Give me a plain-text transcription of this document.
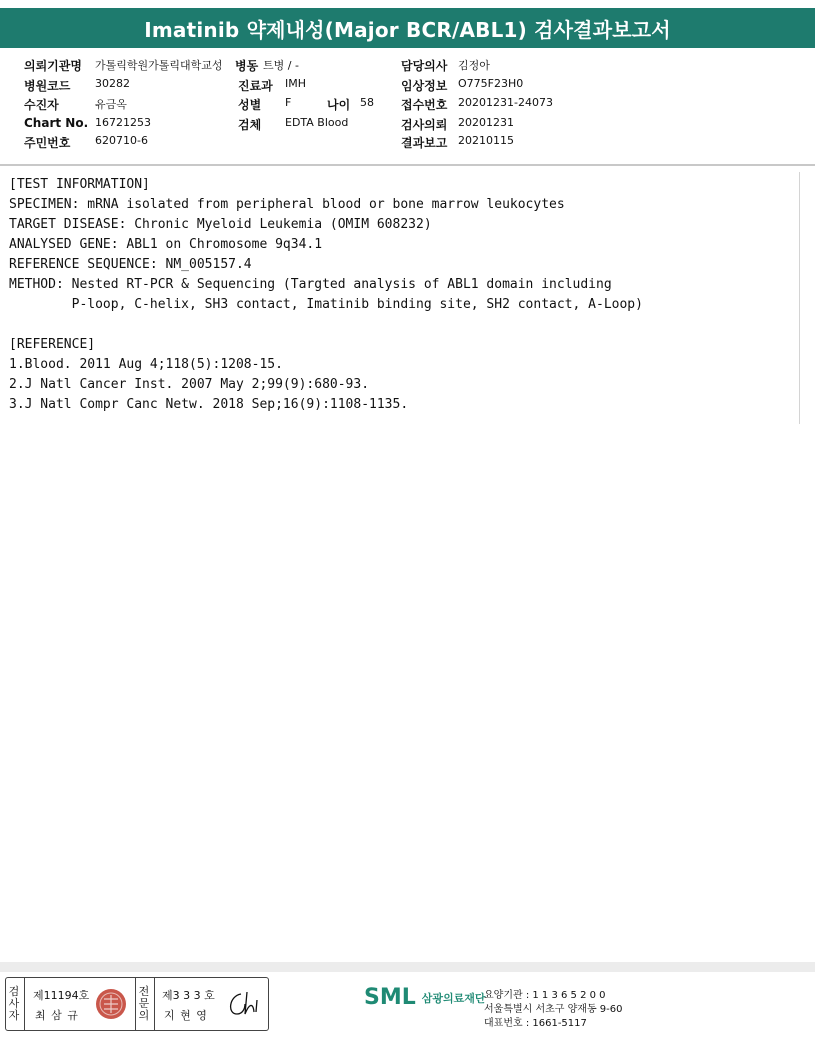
Imatinib 약제내성(Major BCR/ABL1) 검사결과보고서
의뢰기관명 가톨릭학원가톨릭대학교성 병동 트병 / -
병원코드 30282
수진자	유금옥
Chart No. 16721253
주민번호 620710-6
진료과 IMH
성별 F	나이 58
검체 EDTA Blood
담당의사 김정아
임상정보 O775F23H0
접수번호 20201231-24073
검사의뢰 20201231
결과보고 20210115
[TEST INFORMATION]
SPECIMEN: mRNA isolated from peripheral blood or bone marrow leukocytes
TARGET DISEASE: Chronic Myeloid Leukemia (OMIM 608232)
ANALYSED GENE: ABL1 on Chromosome 9q34.1
REFERENCE SEQUENCE: NM_005157.4
METHOD: Nested RT-PCR & Sequencing (Targted analysis of ABL1 domain including
P-loop, C-helix, SH3 contact, Imatinib binding site, SH2 contact, A-Loop)
[REFERENCE]
1.Blood. 2011 Aug 4;118(5):1208-15.
2.J Natl Cancer Inst. 2007 May 2;99(9):680-93.
3.J Natl Compr Canc Netw. 2018 Sep;16(9):1108-1135.
검
사
자
제11194호
최 삼 규
전
문
의
제3 3 3 호
지 현 영
SML 삼광의료재단
요양기관 : 1 1 3 6 5 2 0 0
서울특별시 서초구 양재동 9-60
대표번호 : 1661-5117
